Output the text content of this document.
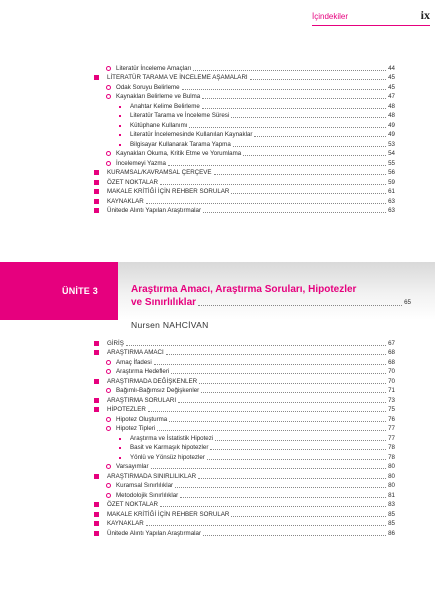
İçindekiler	ix
Literatür İnceleme Amaçları	44
LİTERATÜR TARAMA VE İNCELEME AŞAMALARI	45
Odak Soruyu Belirleme	45
Kaynakları Belirleme ve Bulma	47
Anahtar Kelime Belirleme	48
Literatür Tarama ve İnceleme Süresi	48
Kütüphane Kullanımı	49
Literatür İncelemesinde Kullanılan Kaynaklar	49
Bilgisayar Kullanarak Tarama Yapma	53
Kaynakları Okuma, Kritik Etme ve Yorumlama	54
İncelemeyi Yazma	55
KURAMSAL/KAVRAMSAL ÇERÇEVE	56
ÖZET NOKTALAR	59
MAKALE KRİTİĞİ İÇİN REHBER SORULAR	61
KAYNAKLAR	63
Ünitede Alıntı Yapılan Araştırmalar	63
ÜNİTE 3	Araştırma Amacı, Araştırma Soruları, Hipotezler
ve Sınırlılıklar	65
Nursen NAHCİVAN
GİRİŞ	67
ARAŞTIRMA AMACI	68
Amaç İfadesi	68
Araştırma Hedefleri	70
ARAŞTIRMADA DEĞİŞKENLER	70
Bağımlı-Bağımsız Değişkenler	71
ARAŞTIRMA SORULARI	73
HİPOTEZLER	75
Hipotez Oluşturma	76
Hipotez Tipleri	77
Araştırma ve İstatistik Hipotezi	77
Basit ve Karmaşık hipotezler	78
Yönlü ve Yönsüz hipotezler	78
Varsayımlar	80
ARAŞTIRMADA SINIRLILIKLAR	80
Kuramsal Sınırlılıklar	80
Metodolojik Sınırlılıklar	81
ÖZET NOKTALAR	83
MAKALE KRİTİĞİ İÇİN REHBER SORULAR	85
KAYNAKLAR	85
Ünitede Alıntı Yapılan Araştırmalar	86
